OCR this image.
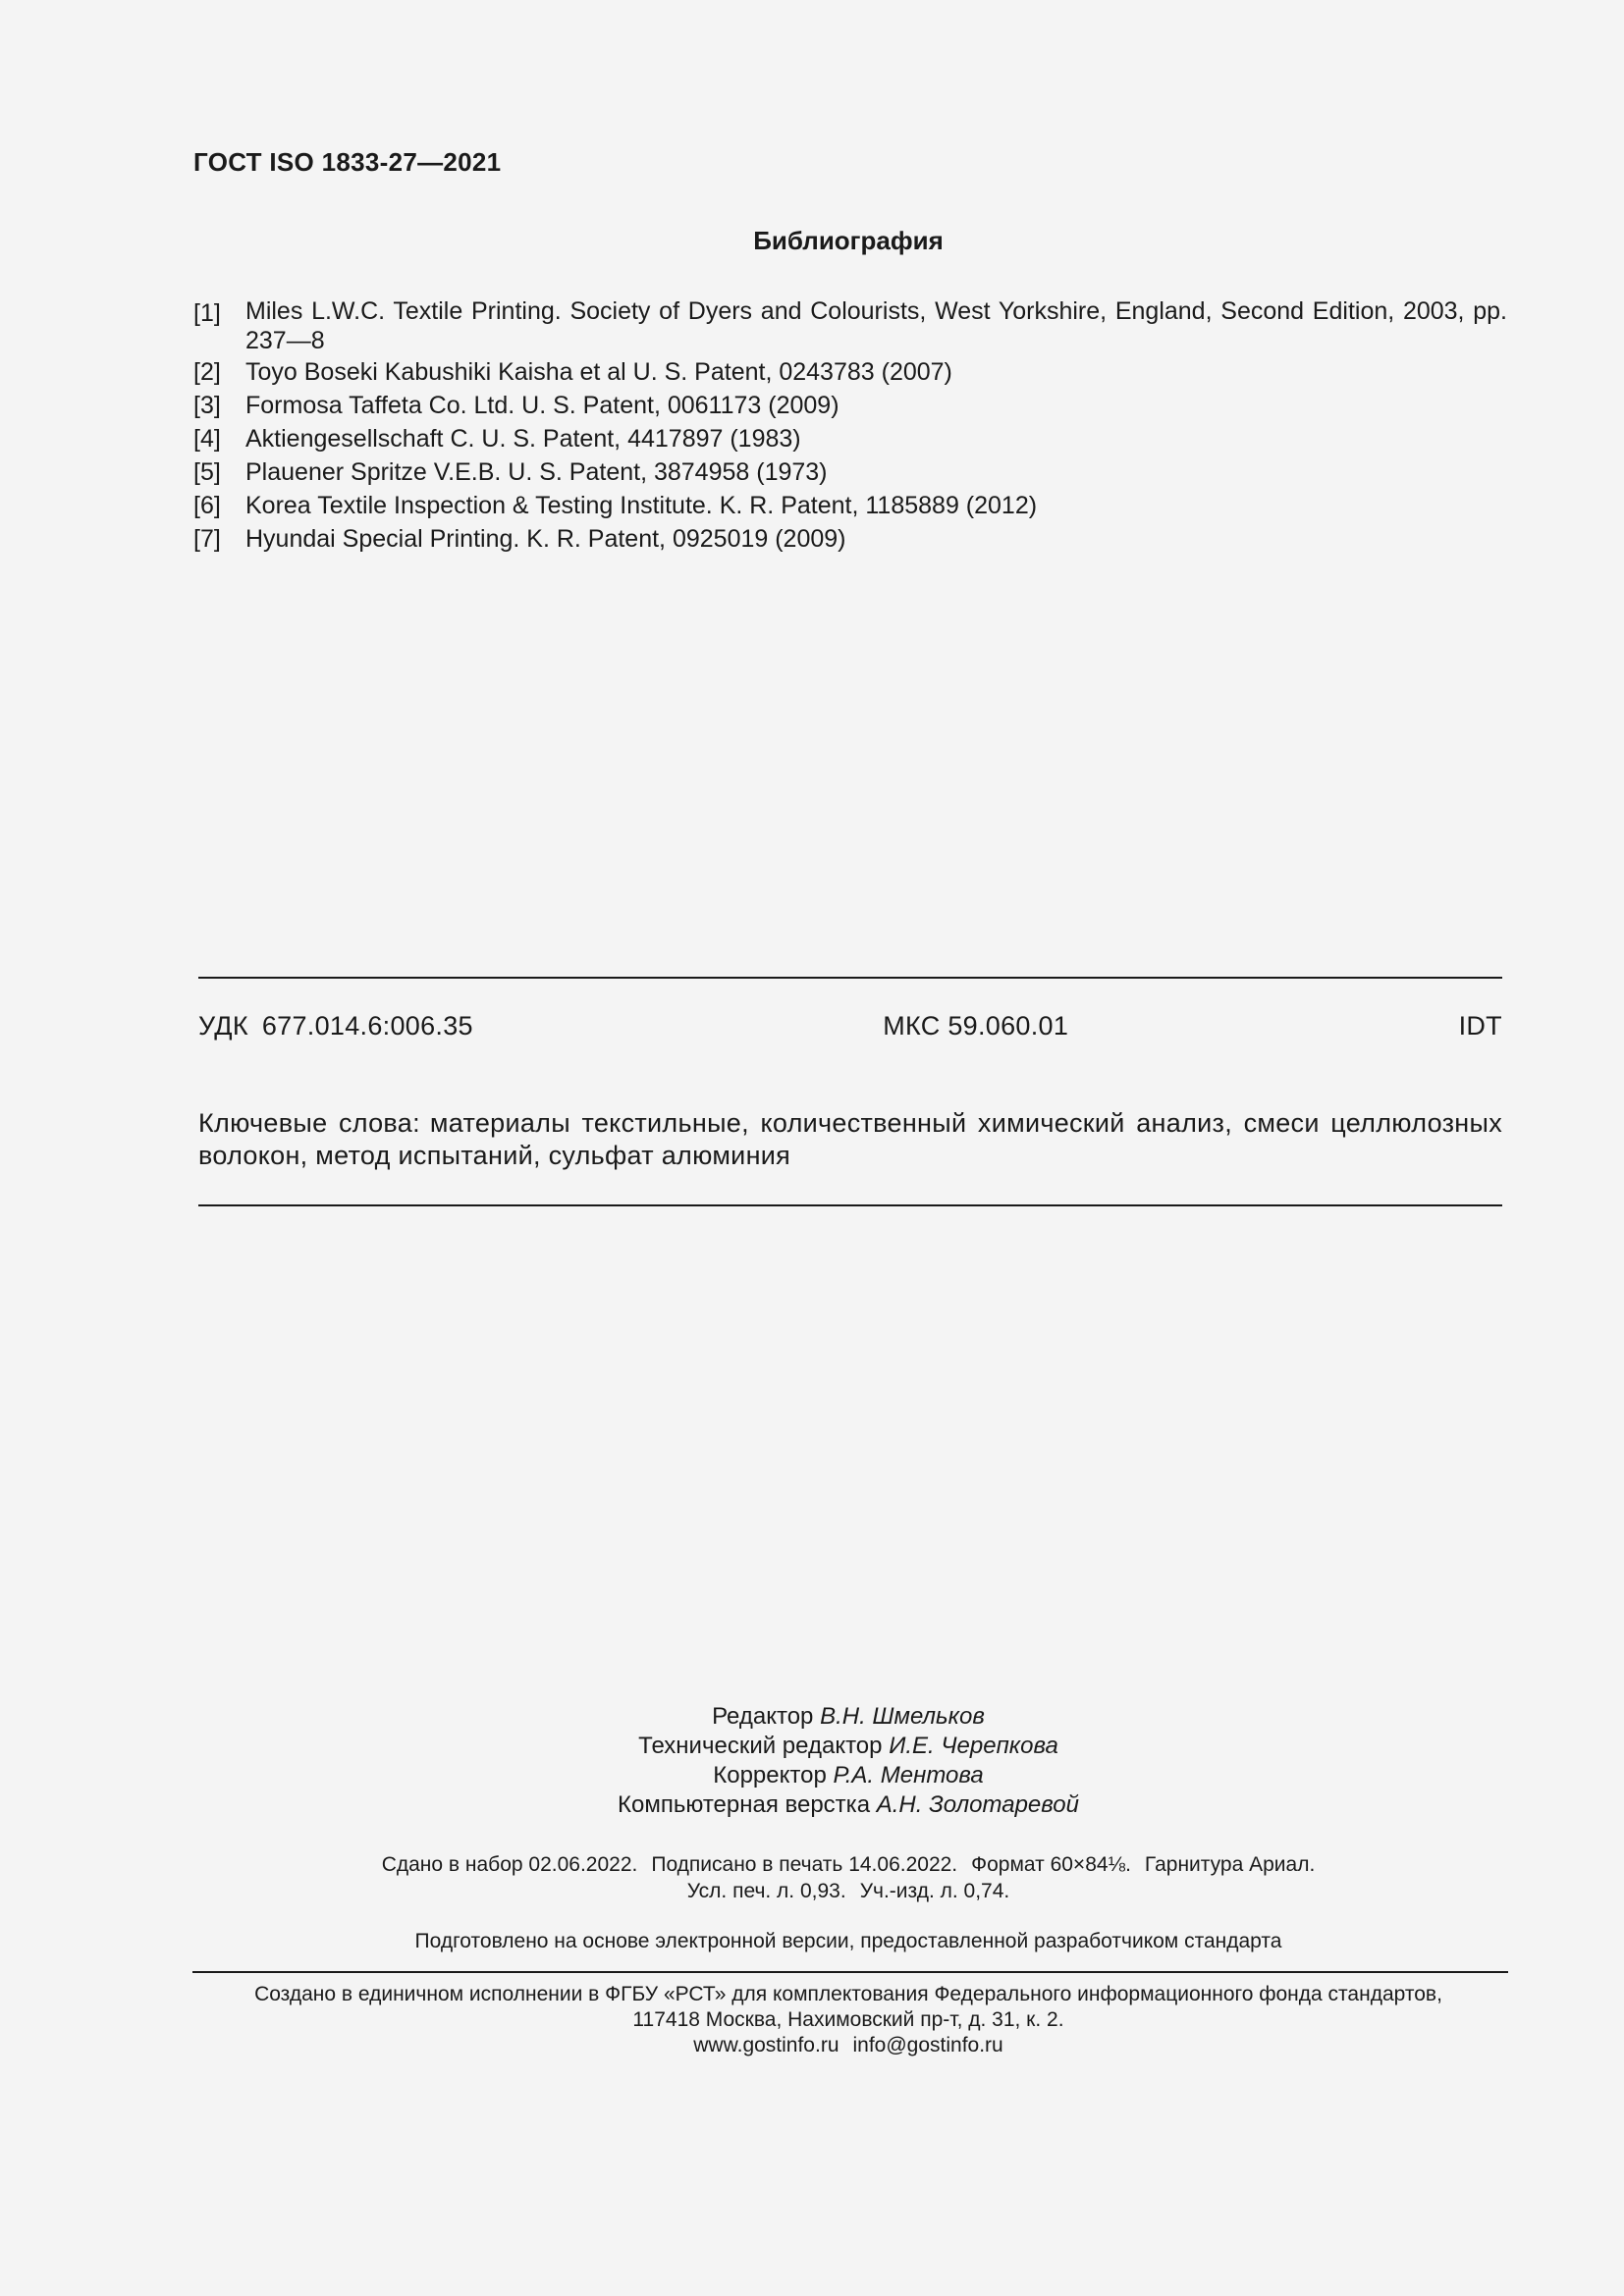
ГОСТ ISO 1833-27—2021
Библиография
[1]	Miles L.W.C. Textile Printing. Society of Dyers and Colourists, West Yorkshire, England, Second Edition, 2003, pp. 237—8
[2]	Toyo Boseki Kabushiki Kaisha et al U. S. Patent, 0243783 (2007)
[3]	Formosa Taffeta Co. Ltd. U. S. Patent, 0061173 (2009)
[4]	Aktiengesellschaft C. U. S. Patent, 4417897 (1983)
[5]	Plauener Spritze V.E.B. U. S. Patent, 3874958 (1973)
[6]	Korea Textile Inspection & Testing Institute. K. R. Patent, 1185889 (2012)
[7]	Hyundai Special Printing. K. R. Patent, 0925019 (2009)
УДК 677.014.6:006.35	МКС 59.060.01	IDT
Ключевые слова: материалы текстильные, количественный химический анализ, смеси целлюлозных волокон, метод испытаний, сульфат алюминия
Редактор В.Н. Шмельков
Технический редактор И.Е. Черепкова
Корректор Р.А. Ментова
Компьютерная верстка А.Н. Золотаревой
Сдано в набор 02.06.2022. Подписано в печать 14.06.2022. Формат 60×84⅛. Гарнитура Ариал.
Усл. печ. л. 0,93. Уч.-изд. л. 0,74.
Подготовлено на основе электронной версии, предоставленной разработчиком стандарта
Создано в единичном исполнении в ФГБУ «РСТ» для комплектования Федерального информационного фонда стандартов,
117418 Москва, Нахимовский пр-т, д. 31, к. 2.
www.gostinfo.ru info@gostinfo.ru
